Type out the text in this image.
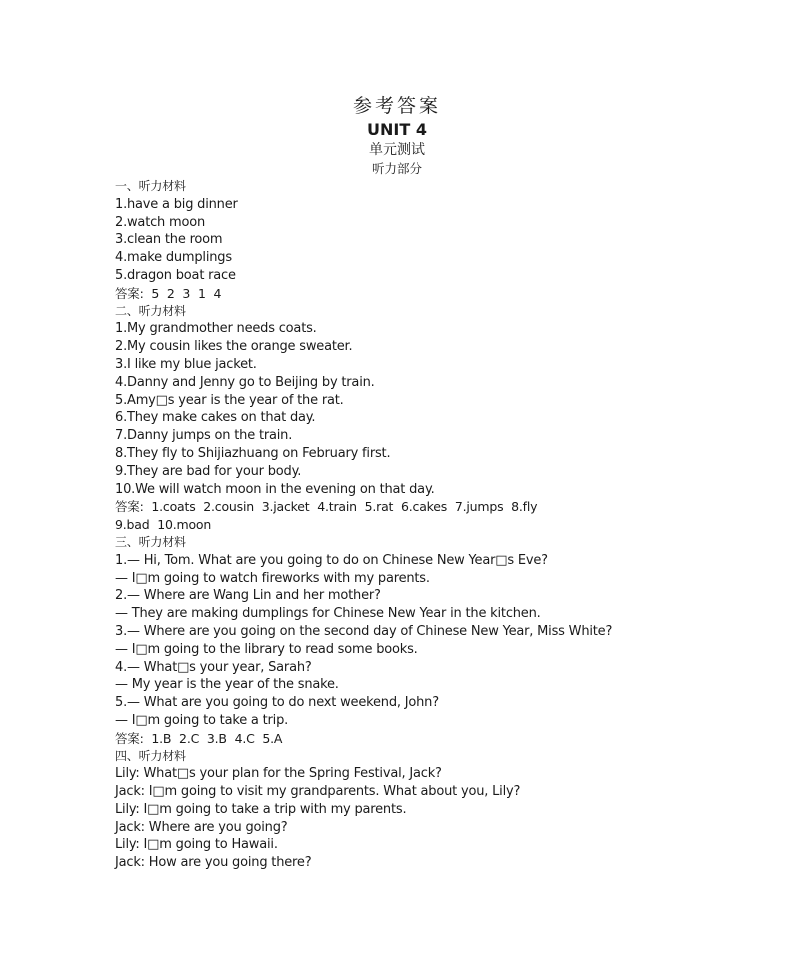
参考答案
UNIT 4
单元测试
听力部分
一、听力材料
1.have a big dinner
2.watch moon
3.clean the room
4.make dumplings
5.dragon boat race
答案: 5 2 3 1 4
二、听力材料
1.My grandmother needs coats.
2.My cousin likes the orange sweater.
3.I like my blue jacket.
4.Danny and Jenny go to Beijing by train.
5.Amy□s year is the year of the rat.
6.They make cakes on that day.
7.Danny jumps on the train.
8.They fly to Shijiazhuang on February first.
9.They are bad for your body.
10.We will watch moon in the evening on that day.
答案: 1.coats 2.cousin 3.jacket 4.train 5.rat 6.cakes 7.jumps 8.fly
9.bad 10.moon
三、听力材料
1.— Hi, Tom. What are you going to do on Chinese New Year□s Eve?
— I□m going to watch fireworks with my parents.
2.— Where are Wang Lin and her mother?
— They are making dumplings for Chinese New Year in the kitchen.
3.— Where are you going on the second day of Chinese New Year, Miss White?
— I□m going to the library to read some books.
4.— What□s your year, Sarah?
— My year is the year of the snake.
5.— What are you going to do next weekend, John?
— I□m going to take a trip.
答案: 1.B 2.C 3.B 4.C 5.A
四、听力材料
Lily: What□s your plan for the Spring Festival, Jack?
Jack: I□m going to visit my grandparents. What about you, Lily?
Lily: I□m going to take a trip with my parents.
Jack: Where are you going?
Lily: I□m going to Hawaii.
Jack: How are you going there?
